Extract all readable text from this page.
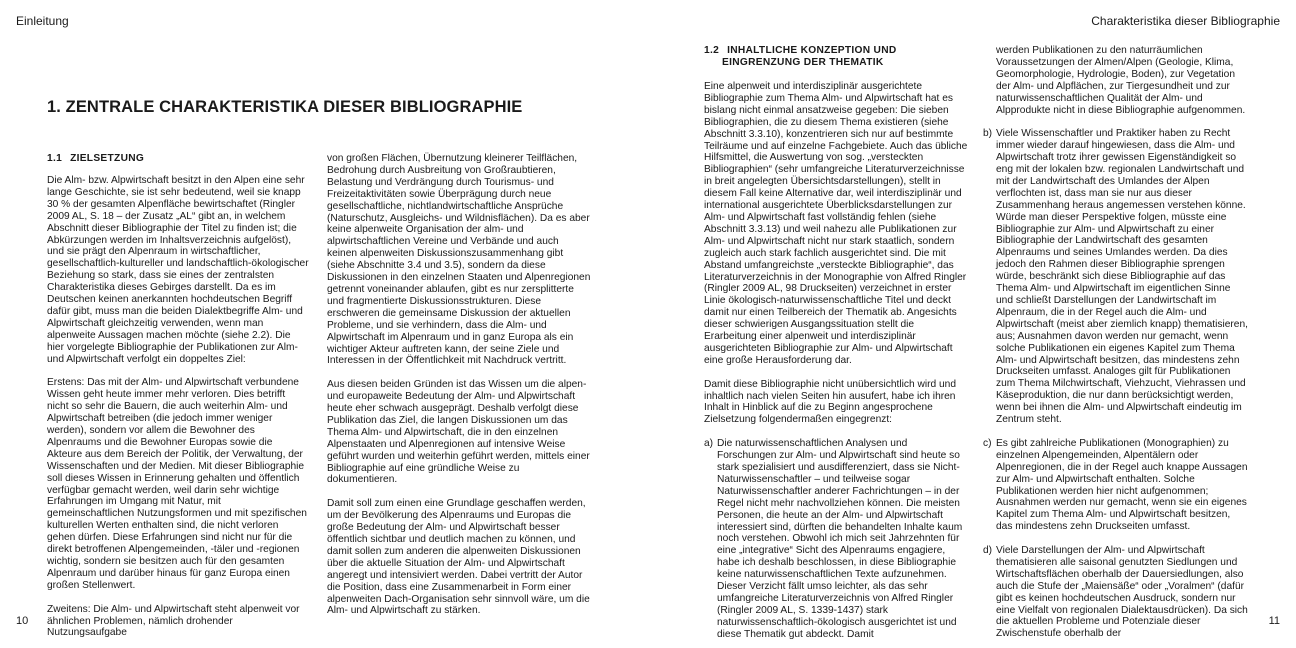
Einleitung
1. ZENTRALE CHARAKTERISTIKA DIESER BIBLIOGRAPHIE
1.1 ZIELSETZUNG

Die Alm- bzw. Alpwirtschaft besitzt in den Alpen eine sehr lange Geschichte, sie ist sehr bedeutend, weil sie knapp 30 % der gesamten Alpenfläche bewirtschaftet (Ringler 2009 AL, S. 18 – der Zusatz „AL“ gibt an, in welchem Abschnitt dieser Bibliographie der Titel zu finden ist; die Abkürzungen werden im Inhaltsverzeichnis aufgelöst), und sie prägt den Alpenraum in wirtschaftlicher, gesellschaftlich-kultureller und landschaftlich-ökologischer Beziehung so stark, dass sie eines der zentralsten Charakteristika dieses Gebirges darstellt. Da es im Deutschen keinen anerkannten hochdeutschen Begriff dafür gibt, muss man die beiden Dialektbegriffe Alm- und Alpwirtschaft gleichzeitig verwenden, wenn man alpenweite Aussagen machen möchte (siehe 2.2). Die hier vorgelegte Bibliographie der Publikationen zur Alm- und Alpwirtschaft verfolgt ein doppeltes Ziel:

Erstens: Das mit der Alm- und Alpwirtschaft verbundene Wissen geht heute immer mehr verloren. Dies betrifft nicht so sehr die Bauern, die auch weiterhin Alm- und Alpwirtschaft betreiben (die jedoch immer weniger werden), sondern vor allem die Bewohner des Alpenraums und die Bewohner Europas sowie die Akteure aus dem Bereich der Politik, der Verwaltung, der Wissenschaften und der Medien. Mit dieser Bibliographie soll dieses Wissen in Erinnerung gehalten und öffentlich verfügbar gemacht werden, weil darin sehr wichtige Erfahrungen im Umgang mit Natur, mit gemeinschaftlichen Nutzungsformen und mit spezifischen kulturellen Werten enthalten sind, die nicht verloren gehen dürfen. Diese Erfahrungen sind nicht nur für die direkt betroffenen Alpengemeinden, -täler und -regionen wichtig, sondern sie besitzen auch für den gesamten Alpenraum und darüber hinaus für ganz Europa einen großen Stellenwert.

Zweitens: Die Alm- und Alpwirtschaft steht alpenweit vor ähnlichen Problemen, nämlich drohender Nutzungsaufgabe

von großen Flächen, Übernutzung kleinerer Teilflächen, Bedrohung durch Ausbreitung von Großraubtieren, Belastung und Verdrängung durch Tourismus- und Freizeitaktivitäten sowie Überprägung durch neue gesellschaftliche, nichtlandwirtschaftliche Ansprüche (Naturschutz, Ausgleichs- und Wildnisflächen). Da es aber keine alpenweite Organisation der alm- und alpwirtschaftlichen Vereine und Verbände und auch keinen alpenweiten Diskussionszusammenhang gibt (siehe Abschnitte 3.4 und 3.5), sondern da diese Diskussionen in den einzelnen Staaten und Alpenregionen getrennt voneinander ablaufen, gibt es nur zersplitterte und fragmentierte Diskussionsstrukturen. Diese erschweren die gemeinsame Diskussion der aktuellen Probleme, und sie verhindern, dass die Alm- und Alpwirtschaft im Alpenraum und in ganz Europa als ein wichtiger Akteur auftreten kann, der seine Ziele und Interessen in der Öffentlichkeit mit Nachdruck vertritt.

Aus diesen beiden Gründen ist das Wissen um die alpen- und europaweite Bedeutung der Alm- und Alpwirtschaft heute eher schwach ausgeprägt. Deshalb verfolgt diese Publikation das Ziel, die langen Diskussionen um das Thema Alm- und Alpwirtschaft, die in den einzelnen Alpenstaaten und Alpenregionen auf intensive Weise geführt wurden und weiterhin geführt werden, mittels einer Bibliographie auf eine gründliche Weise zu dokumentieren.

Damit soll zum einen eine Grundlage geschaffen werden, um der Bevölkerung des Alpenraums und Europas die große Bedeutung der Alm- und Alpwirtschaft besser öffentlich sichtbar und deutlich machen zu können, und damit sollen zum anderen die alpenweiten Diskussionen über die aktuelle Situation der Alm- und Alpwirtschaft angeregt und intensiviert werden. Dabei vertritt der Autor die Position, dass eine Zusammenarbeit in Form einer alpenweiten Dach-Organisation sehr sinnvoll wäre, um die Alm- und Alpwirtschaft zu stärken.

10
Charakteristika dieser Bibliographie
1.2 INHALTLICHE KONZEPTION UND
EINGRENZUNG DER THEMATIK

Eine alpenweit und interdisziplinär ausgerichtete Bibliographie zum Thema Alm- und Alpwirtschaft hat es bislang nicht einmal ansatzweise gegeben: Die sieben Bibliographien, die zu diesem Thema existieren (siehe Abschnitt 3.3.10), konzentrieren sich nur auf bestimmte Teilräume und auf einzelne Fachgebiete. Auch das übliche Hilfsmittel, die Auswertung von sog. „versteckten Bibliographien“ (sehr umfangreiche Literaturverzeichnisse in breit angelegten Übersichtsdarstellungen), stellt in diesem Fall keine Alternative dar, weil interdisziplinär und international ausgerichtete Überblicksdarstellungen zur Alm- und Alpwirtschaft fast vollständig fehlen (siehe Abschnitt 3.3.13) und weil nahezu alle Publikationen zur Alm- und Alpwirtschaft nicht nur stark staatlich, sondern zugleich auch stark fachlich ausgerichtet sind. Die mit Abstand umfangreichste „versteckte Bibliographie“, das Literaturverzeichnis in der Monographie von Alfred Ringler (Ringler 2009 AL, 98 Druckseiten) verzeichnet in erster Linie ökologisch-naturwissenschaftliche Titel und deckt damit nur einen Teilbereich der Thematik ab. Angesichts dieser schwierigen Ausgangssituation stellt die Erarbeitung einer alpenweit und interdisziplinär ausgerichteten Bibliographie zur Alm- und Alpwirtschaft eine große Herausforderung dar.

Damit diese Bibliographie nicht unübersichtlich wird und inhaltlich nach vielen Seiten hin ausufert, habe ich ihren Inhalt in Hinblick auf die zu Beginn angesprochene Zielsetzung folgendermaßen eingegrenzt:

a) Die naturwissenschaftlichen Analysen und Forschungen zur Alm- und Alpwirtschaft sind heute so stark spezialisiert und ausdifferenziert, dass sie Nicht-Naturwissenschaftler – und teilweise sogar Naturwissenschaftler anderer Fachrichtungen – in der Regel nicht mehr nachvollziehen können. Die meisten Personen, die heute an der Alm- und Alpwirtschaft interessiert sind, dürften die behandelten Inhalte kaum noch verstehen. Obwohl ich mich seit Jahrzehnten für eine „integrative“ Sicht des Alpenraums engagiere, habe ich deshalb beschlossen, in diese Bibliographie keine naturwissenschaftlichen Texte aufzunehmen. Dieser Verzicht fällt umso leichter, als das sehr umfangreiche Literaturverzeichnis von Alfred Ringler (Ringler 2009 AL, S. 1339-1437) stark naturwissenschaftlich-ökologisch ausgerichtet ist und diese Thematik gut abdeckt. Damit

werden Publikationen zu den naturräumlichen Voraussetzungen der Almen/Alpen (Geologie, Klima, Geomorphologie, Hydrologie, Boden), zur Vegetation der Alm- und Alpflächen, zur Tiergesundheit und zur naturwissenschaftlichen Qualität der Alm- und Alpprodukte nicht in diese Bibliographie aufgenommen.

b) Viele Wissenschaftler und Praktiker haben zu Recht immer wieder darauf hingewiesen, dass die Alm- und Alpwirtschaft trotz ihrer gewissen Eigenständigkeit so eng mit der lokalen bzw. regionalen Landwirtschaft und mit der Landwirtschaft des Umlandes der Alpen verflochten ist, dass man sie nur aus dieser Zusammenhang heraus angemessen verstehen könne. Würde man dieser Perspektive folgen, müsste eine Bibliographie zur Alm- und Alpwirtschaft zu einer Bibliographie der Landwirtschaft des gesamten Alpenraums und seines Umlandes werden. Da dies jedoch den Rahmen dieser Bibliographie sprengen würde, beschränkt sich diese Bibliographie auf das Thema Alm- und Alpwirtschaft im eigentlichen Sinne und schließt Darstellungen der Landwirtschaft im Alpenraum, die in der Regel auch die Alm- und Alpwirtschaft (meist aber ziemlich knapp) thematisieren, aus; Ausnahmen davon werden nur gemacht, wenn solche Publikationen ein eigenes Kapitel zum Thema Alm- und Alpwirtschaft besitzen, das mindestens zehn Druckseiten umfasst. Analoges gilt für Publikationen zum Thema Milchwirtschaft, Viehzucht, Viehrassen und Käseproduktion, die nur dann berücksichtigt werden, wenn bei ihnen die Alm- und Alpwirtschaft eindeutig im Zentrum steht.
c) Es gibt zahlreiche Publikationen (Monographien) zu einzelnen Alpengemeinden, Alpentälern oder Alpenregionen, die in der Regel auch knappe Aussagen zur Alm- und Alpwirtschaft enthalten. Solche Publikationen werden hier nicht aufgenommen; Ausnahmen werden nur gemacht, wenn sie ein eigenes Kapitel zum Thema Alm- und Alpwirtschaft besitzen, das mindestens zehn Druckseiten umfasst.
d) Viele Darstellungen der Alm- und Alpwirtschaft thematisieren alle saisonal genutzten Siedlungen und Wirtschaftsflächen oberhalb der Dauersiedlungen, also auch die Stufe der „Maiensäße“ oder „Voralmen“ (dafür gibt es keinen hochdeutschen Ausdruck, sondern nur eine Vielfalt von regionalen Dialektausdrücken). Da sich die aktuellen Probleme und Potenziale dieser Zwischenstufe oberhalb der
11
